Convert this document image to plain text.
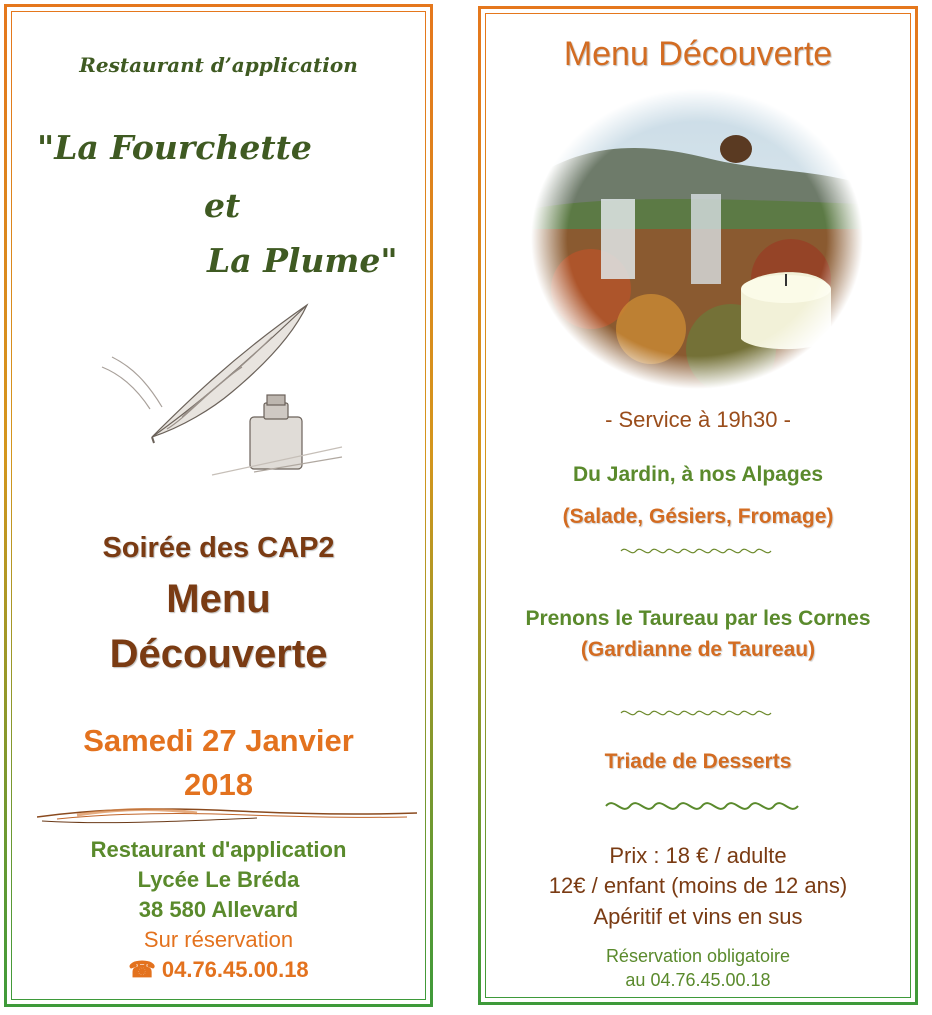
Restaurant d’application
"La Fourchette
et
La Plume"
Soirée des CAP2
Menu
Découverte
Samedi 27 Janvier
2018
Restaurant d'application
Lycée Le Bréda
38 580 Allevard
Sur réservation
☎ 04.76.45.00.18
Menu Découverte
- Service à 19h30 -
Du Jardin, à nos Alpages
(Salade, Gésiers, Fromage)
Prenons le Taureau par les Cornes
(Gardianne de Taureau)
Triade de Desserts
Prix : 18 € / adulte
12€ / enfant (moins de 12 ans)
Apéritif et vins en sus
Réservation obligatoire
au 04.76.45.00.18
